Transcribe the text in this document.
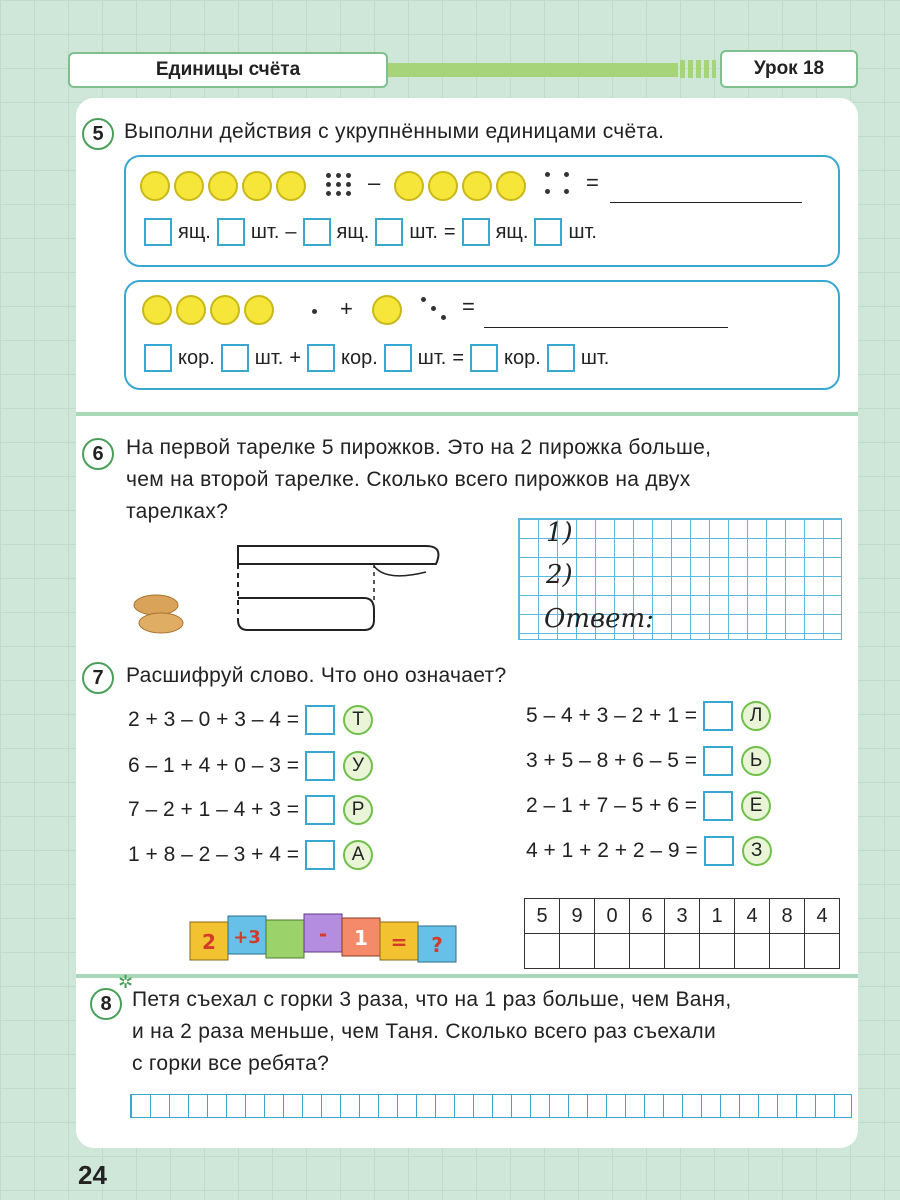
Единицы счёта	Урок 18
5 Выполни действия с укрупнёнными единицами счёта.
–	=
ящ. шт. – ящ. шт. = ящ. шт.
+	=
кор. шт. + кор. шт. = кор. шт.
6	На первой тарелке 5 пирожков. Это на 2 пирожка больше,
чем на второй тарелке. Сколько всего пирожков на двух
тарелках?
1)
2)
Ответ:
7	Расшифруй слово. Что оно означает?
2 + 3 – 0 + 3 – 4 =	Т
6 – 1 + 4 + 0 – 3 =	У
7 – 2 + 1 – 4 + 3 =	Р
1 + 8 – 2 – 3 + 4 =	А
5 – 4 + 3 – 2 + 1 =	Л
3 + 5 – 8 + 6 – 5 =	Ь
2 – 1 + 7 – 5 + 6 =	Е
4 + 1 + 2 + 2 – 9 =	З
2 +3	- 1 = ?
5	9	0	6	3	1	4	8	4

8
✲
Петя съехал с горки 3 раза, что на 1 раз больше, чем Ваня,
и на 2 раза меньше, чем Таня. Сколько всего раз съехали
с горки все ребята?
24
